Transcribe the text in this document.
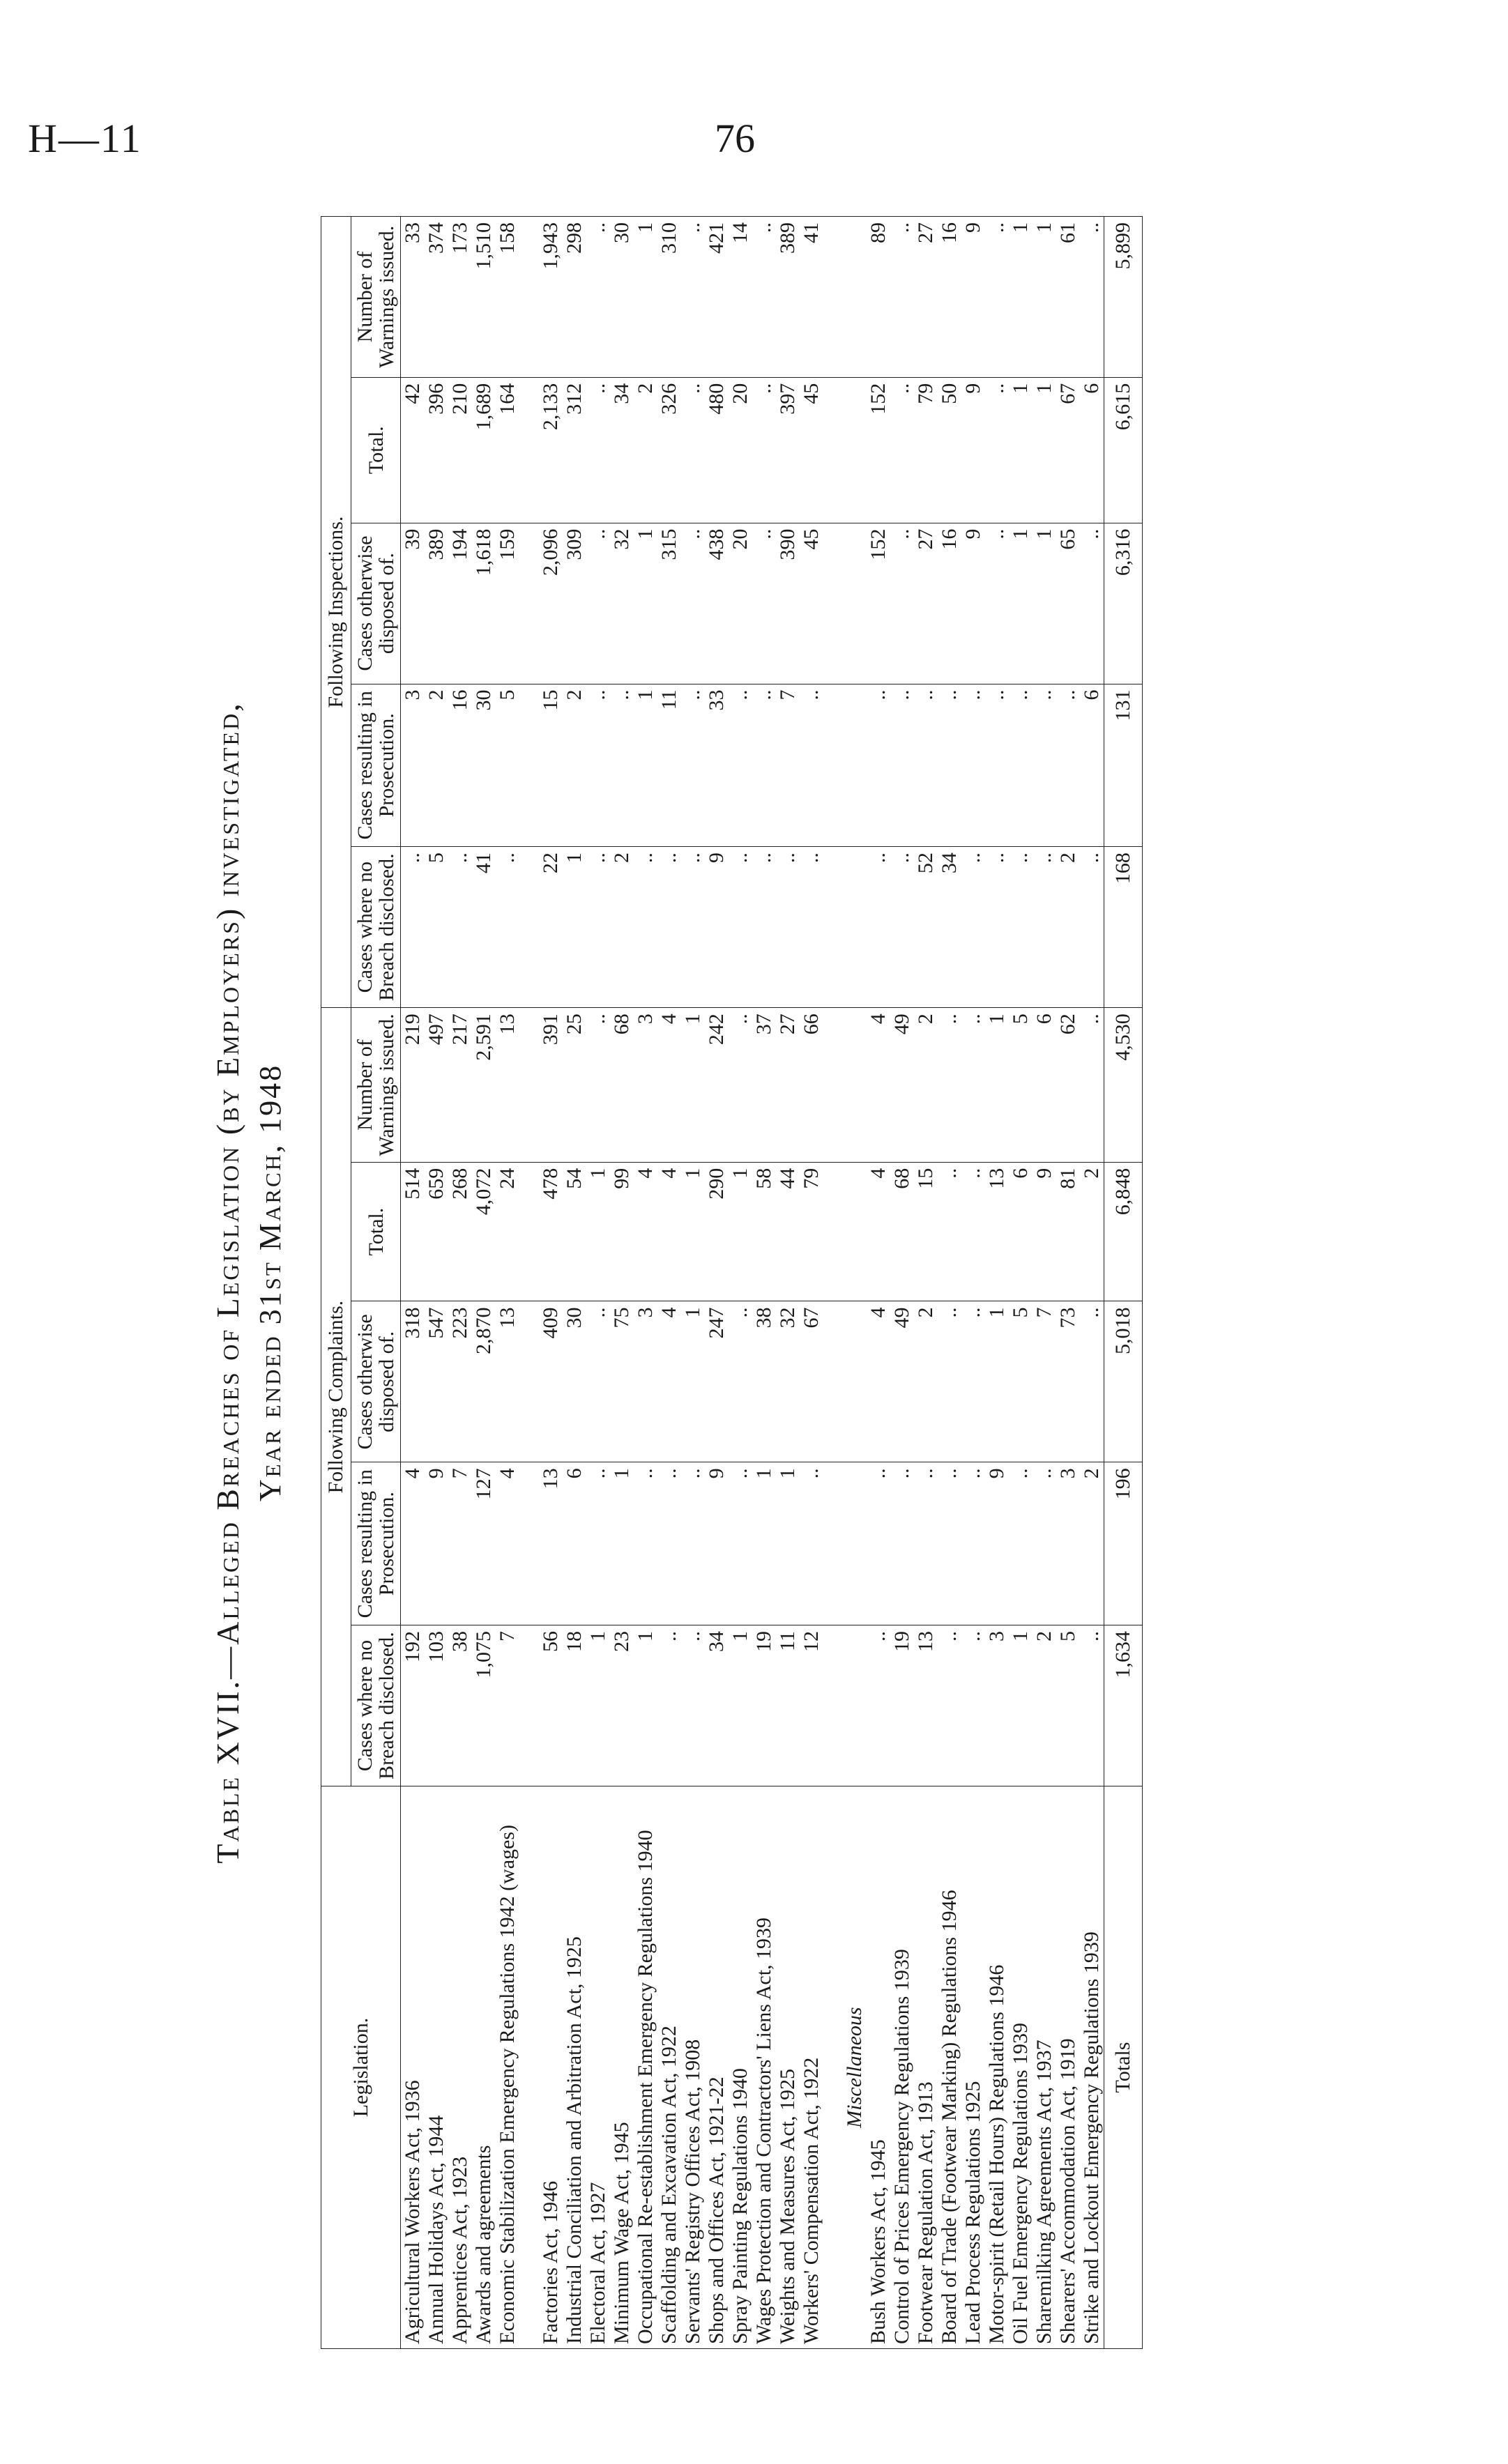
H—11	76
Table XVII.—Alleged Breaches of Legislation (by Employers) investigated, Year ended 31st March, 1948
Legislation.	Following Complaints.					Following Inspections.				
	Cases where no Breach disclosed.	Cases resulting in Prosecution.	Cases otherwise disposed of.	Total.	Number of Warnings issued.	Cases where no Breach disclosed.	Cases resulting in Prosecution.	Cases otherwise disposed of.	Total.	Number of Warnings issued.
Agricultural Workers Act, 1936	192	4	318	514	219	..	3	39	42	33
Annual Holidays Act, 1944	103	9	547	659	497	5	2	389	396	374
Apprentices Act, 1923	38	7	223	268	217	..	16	194	210	173
Awards and agreements	1,075	127	2,870	4,072	2,591	41	30	1,618	1,689	1,510
Economic Stabilization Emergency Regulations 1942 (wages)	7	4	13	24	13	..	5	159	164	158

Factories Act, 1946	56	13	409	478	391	22	15	2,096	2,133	1,943
Industrial Conciliation and Arbitration Act, 1925	18	6	30	54	25	1	2	309	312	298
Electoral Act, 1927	1	..	..	1	..	..	..	..	..	..
Minimum Wage Act, 1945	23	1	75	99	68	2	..	32	34	30
Occupational Re-establishment Emergency Regulations 1940	1	..	3	4	3	..	1	1	2	1
Scaffolding and Excavation Act, 1922	..	..	4	4	4	..	11	315	326	310
Servants' Registry Offices Act, 1908	..	..	1	1	1	..	..	..	..	..
Shops and Offices Act, 1921-22	34	9	247	290	242	9	33	438	480	421
Spray Painting Regulations 1940	1	..	..	1	..	..	..	20	20	14
Wages Protection and Contractors' Liens Act, 1939	19	1	38	58	37	..	..	..	..	..
Weights and Measures Act, 1925	11	1	32	44	27	..	7	390	397	389
Workers' Compensation Act, 1922	12	..	67	79	66	..	..	45	45	41

Miscellaneous										
Bush Workers Act, 1945	..	..	4	4	4	..	..	152	152	89
Control of Prices Emergency Regulations 1939	19	..	49	68	49	..	..	..	..	..
Footwear Regulation Act, 1913	13	..	2	15	2	52	..	27	79	27
Board of Trade (Footwear Marking) Regulations 1946	..	..	..	..	..	34	..	16	50	16
Lead Process Regulations 1925	..	..	..	..	..	..	..	9	9	9
Motor-spirit (Retail Hours) Regulations 1946	3	9	1	13	1	..	..	..	..	..
Oil Fuel Emergency Regulations 1939	1	..	5	6	5	..	..	1	1	1
Sharemilking Agreements Act, 1937	2	..	7	9	6	..	..	1	1	1
Shearers' Accommodation Act, 1919	5	3	73	81	62	2	..	65	67	61
Strike and Lockout Emergency Regulations 1939	..	2	..	2	..	..	6	..	6	..
Totals	1,634	196	5,018	6,848	4,530	168	131	6,316	6,615	5,899
